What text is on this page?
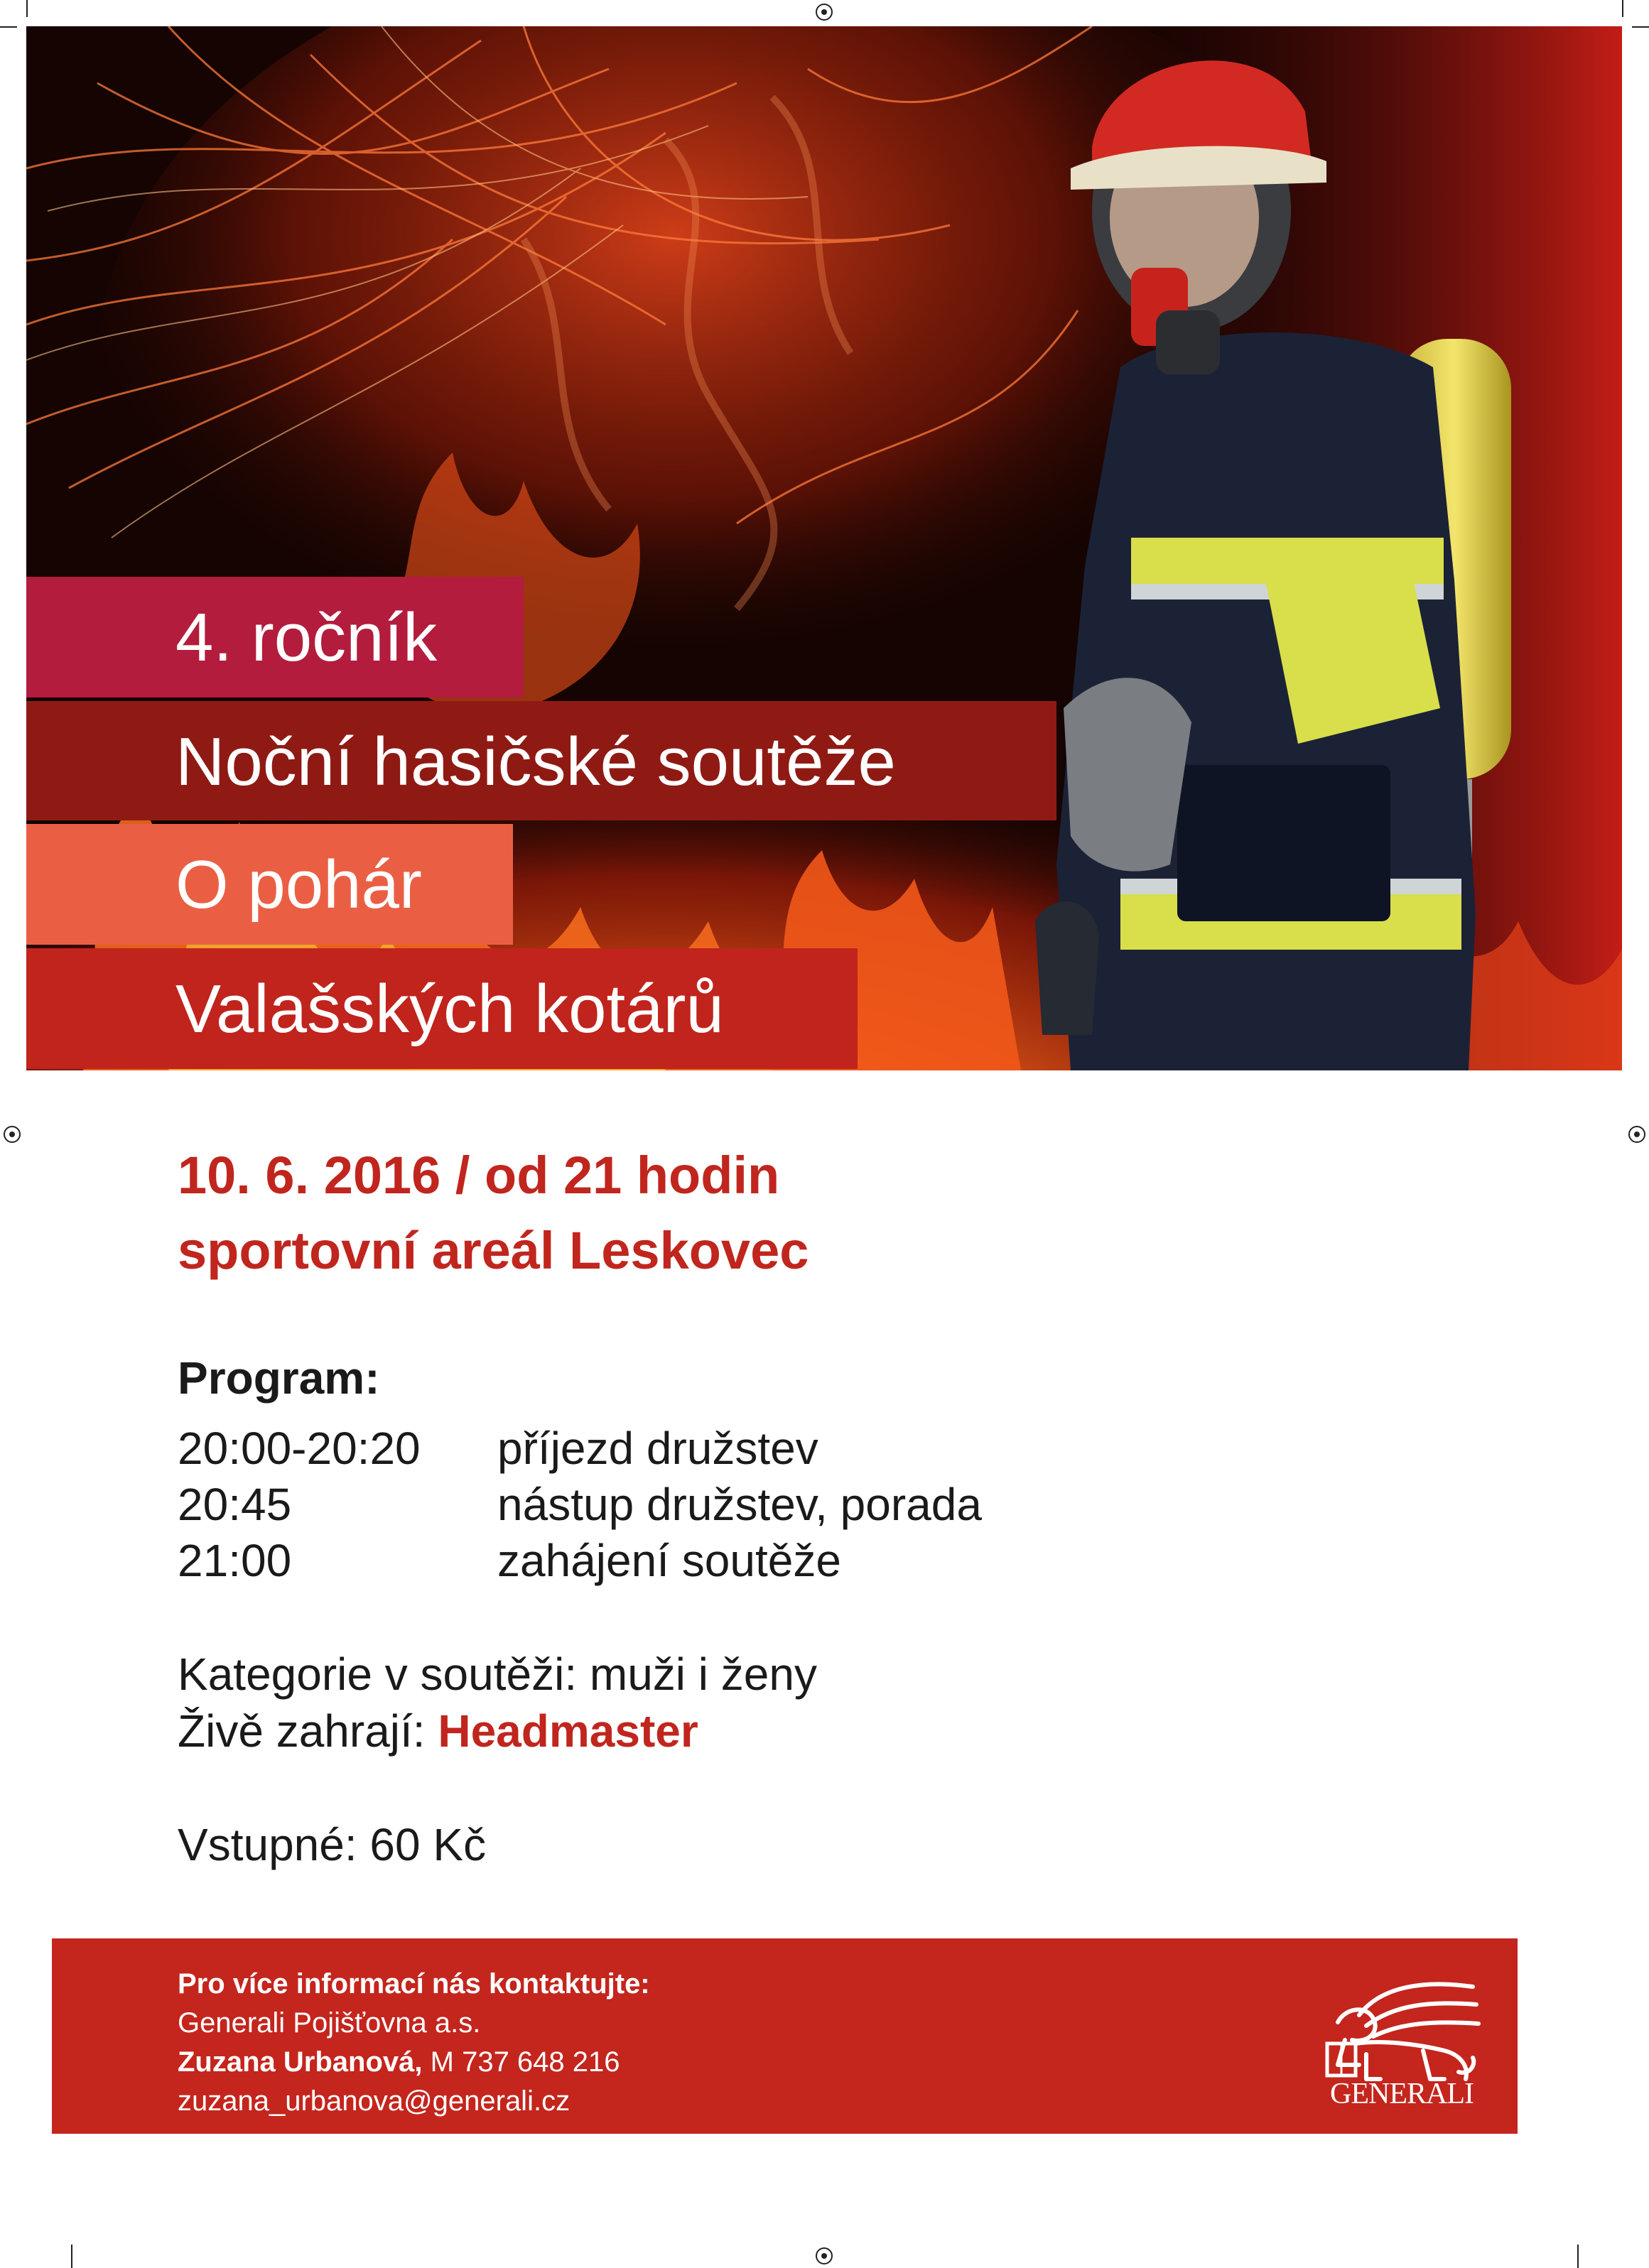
4. ročník
Noční hasičské soutěže
O pohár
Valašských kotárů
10. 6. 2016 / od 21 hodin
sportovní areál Leskovec
Program:
20:00-20:20 příjezd družstev
20:45	nástup družstev, porada
21:00	zahájení soutěže
Kategorie v soutěži: muži i ženy
Živě zahrají: Headmaster
Vstupné: 60 Kč
Pro více informací nás kontaktujte:
Generali Pojišťovna a.s.
Zuzana Urbanová, M 737 648 216
zuzana_urbanova@generali.cz	GENERALI
